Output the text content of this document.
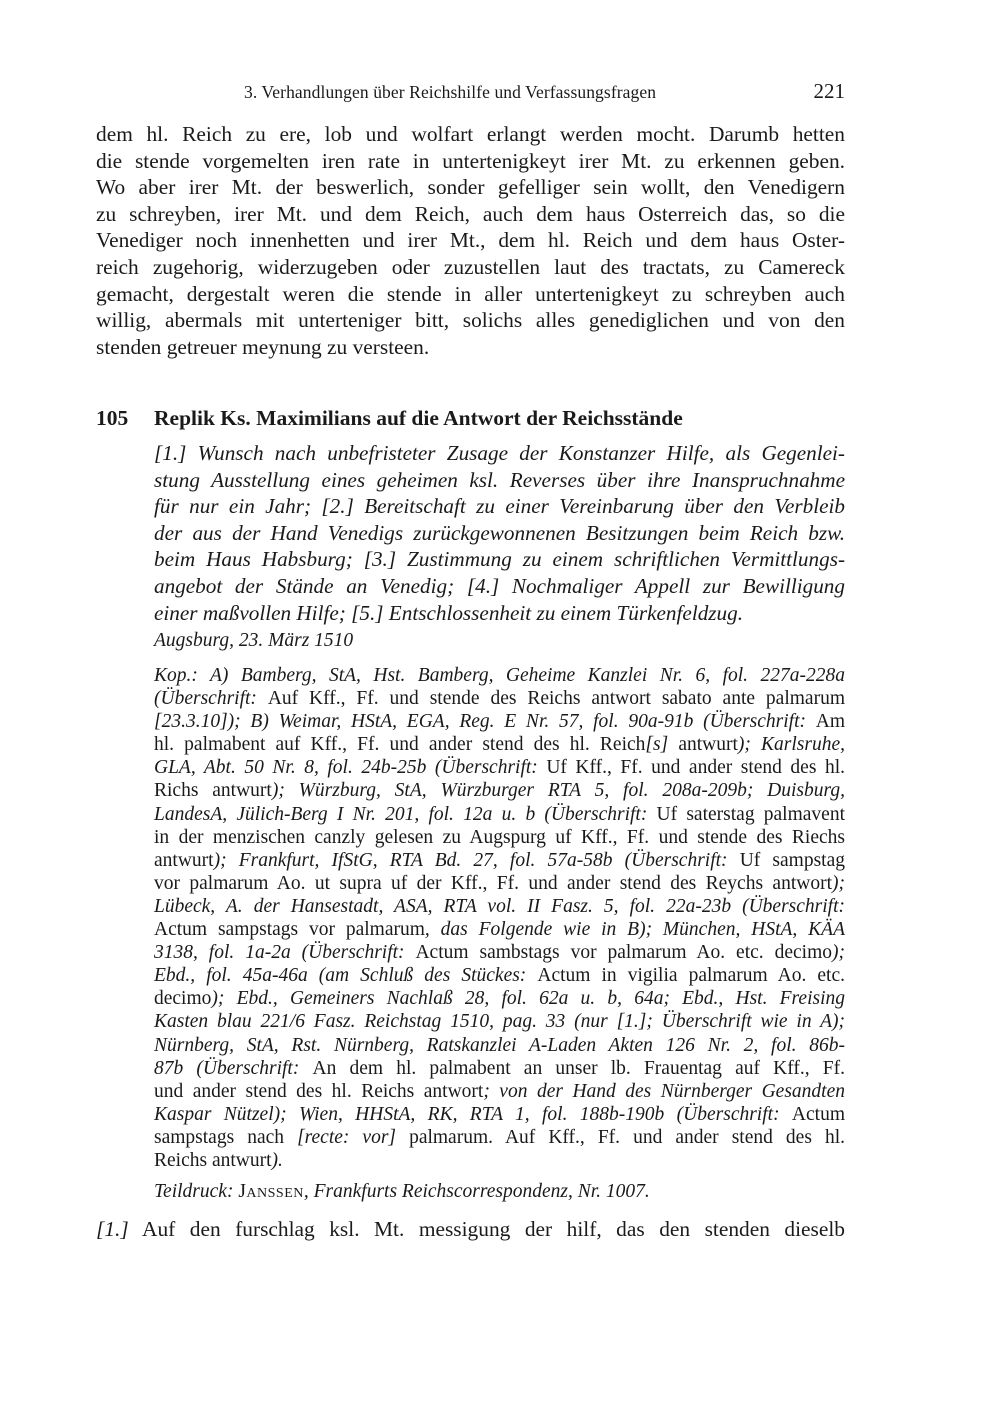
3. Verhandlungen über Reichshilfe und Verfassungsfragen	221
dem hl. Reich zu ere, lob und wolfart erlangt werden mocht. Darumb hetten
die stende vorgemelten iren rate in untertenigkeyt irer Mt. zu erkennen geben.
Wo aber irer Mt. der beswerlich, sonder gefelliger sein wollt, den Venedigern
zu schreyben, irer Mt. und dem Reich, auch dem haus Osterreich das, so die
Venediger noch innenhetten und irer Mt., dem hl. Reich und dem haus Oster-
reich zugehorig, widerzugeben oder zuzustellen laut des tractats, zu Camereck
gemacht, dergestalt weren die stende in aller untertenigkeyt zu schreyben auch
willig, abermals mit unterteniger bitt, solichs alles genediglichen und von den
stenden getreuer meynung zu versteen.
105 Replik Ks. Maximilians auf die Antwort der Reichsstände
[1.] Wunsch nach unbefristeter Zusage der Konstanzer Hilfe, als Gegenlei-
stung Ausstellung eines geheimen ksl. Reverses über ihre Inanspruchnahme
für nur ein Jahr; [2.] Bereitschaft zu einer Vereinbarung über den Verbleib
der aus der Hand Venedigs zurückgewonnenen Besitzungen beim Reich bzw.
beim Haus Habsburg; [3.] Zustimmung zu einem schriftlichen Vermittlungs-
angebot der Stände an Venedig; [4.] Nochmaliger Appell zur Bewilligung
einer maßvollen Hilfe; [5.] Entschlossenheit zu einem Türkenfeldzug.
Augsburg, 23. März 1510
Kop.: A) Bamberg, StA, Hst. Bamberg, Geheime Kanzlei Nr. 6, fol. 227a-228a
(Überschrift: Auf Kff., Ff. und stende des Reichs antwort sabato ante palmarum
[23.3.10]); B) Weimar, HStA, EGA, Reg. E Nr. 57, fol. 90a-91b (Überschrift: Am
hl. palmabent auf Kff., Ff. und ander stend des hl. Reich[s] antwurt); Karlsruhe,
GLA, Abt. 50 Nr. 8, fol. 24b-25b (Überschrift: Uf Kff., Ff. und ander stend des hl.
Richs antwurt); Würzburg, StA, Würzburger RTA 5, fol. 208a-209b; Duisburg,
LandesA, Jülich-Berg I Nr. 201, fol. 12a u. b (Überschrift: Uf saterstag palmavent
in der menzischen canzly gelesen zu Augspurg uf Kff., Ff. und stende des Riechs
antwurt); Frankfurt, IfStG, RTA Bd. 27, fol. 57a-58b (Überschrift: Uf sampstag
vor palmarum Ao. ut supra uf der Kff., Ff. und ander stend des Reychs antwort);
Lübeck, A. der Hansestadt, ASA, RTA vol. II Fasz. 5, fol. 22a-23b (Überschrift:
Actum sampstags vor palmarum, das Folgende wie in B); München, HStA, KÄA
3138, fol. 1a-2a (Überschrift: Actum sambstags vor palmarum Ao. etc. decimo);
Ebd., fol. 45a-46a (am Schluß des Stückes: Actum in vigilia palmarum Ao. etc.
decimo); Ebd., Gemeiners Nachlaß 28, fol. 62a u. b, 64a; Ebd., Hst. Freising
Kasten blau 221/6 Fasz. Reichstag 1510, pag. 33 (nur [1.]; Überschrift wie in A);
Nürnberg, StA, Rst. Nürnberg, Ratskanzlei A-Laden Akten 126 Nr. 2, fol. 86b-
87b (Überschrift: An dem hl. palmabent an unser lb. Frauentag auf Kff., Ff.
und ander stend des hl. Reichs antwort; von der Hand des Nürnberger Gesandten
Kaspar Nützel); Wien, HHStA, RK, RTA 1, fol. 188b-190b (Überschrift: Actum
sampstags nach [recte: vor] palmarum. Auf Kff., Ff. und ander stend des hl.
Reichs antwurt).
Teildruck: Janssen, Frankfurts Reichscorrespondenz, Nr. 1007.
[1.] Auf den furschlag ksl. Mt. messigung der hilf, das den stenden dieselb
